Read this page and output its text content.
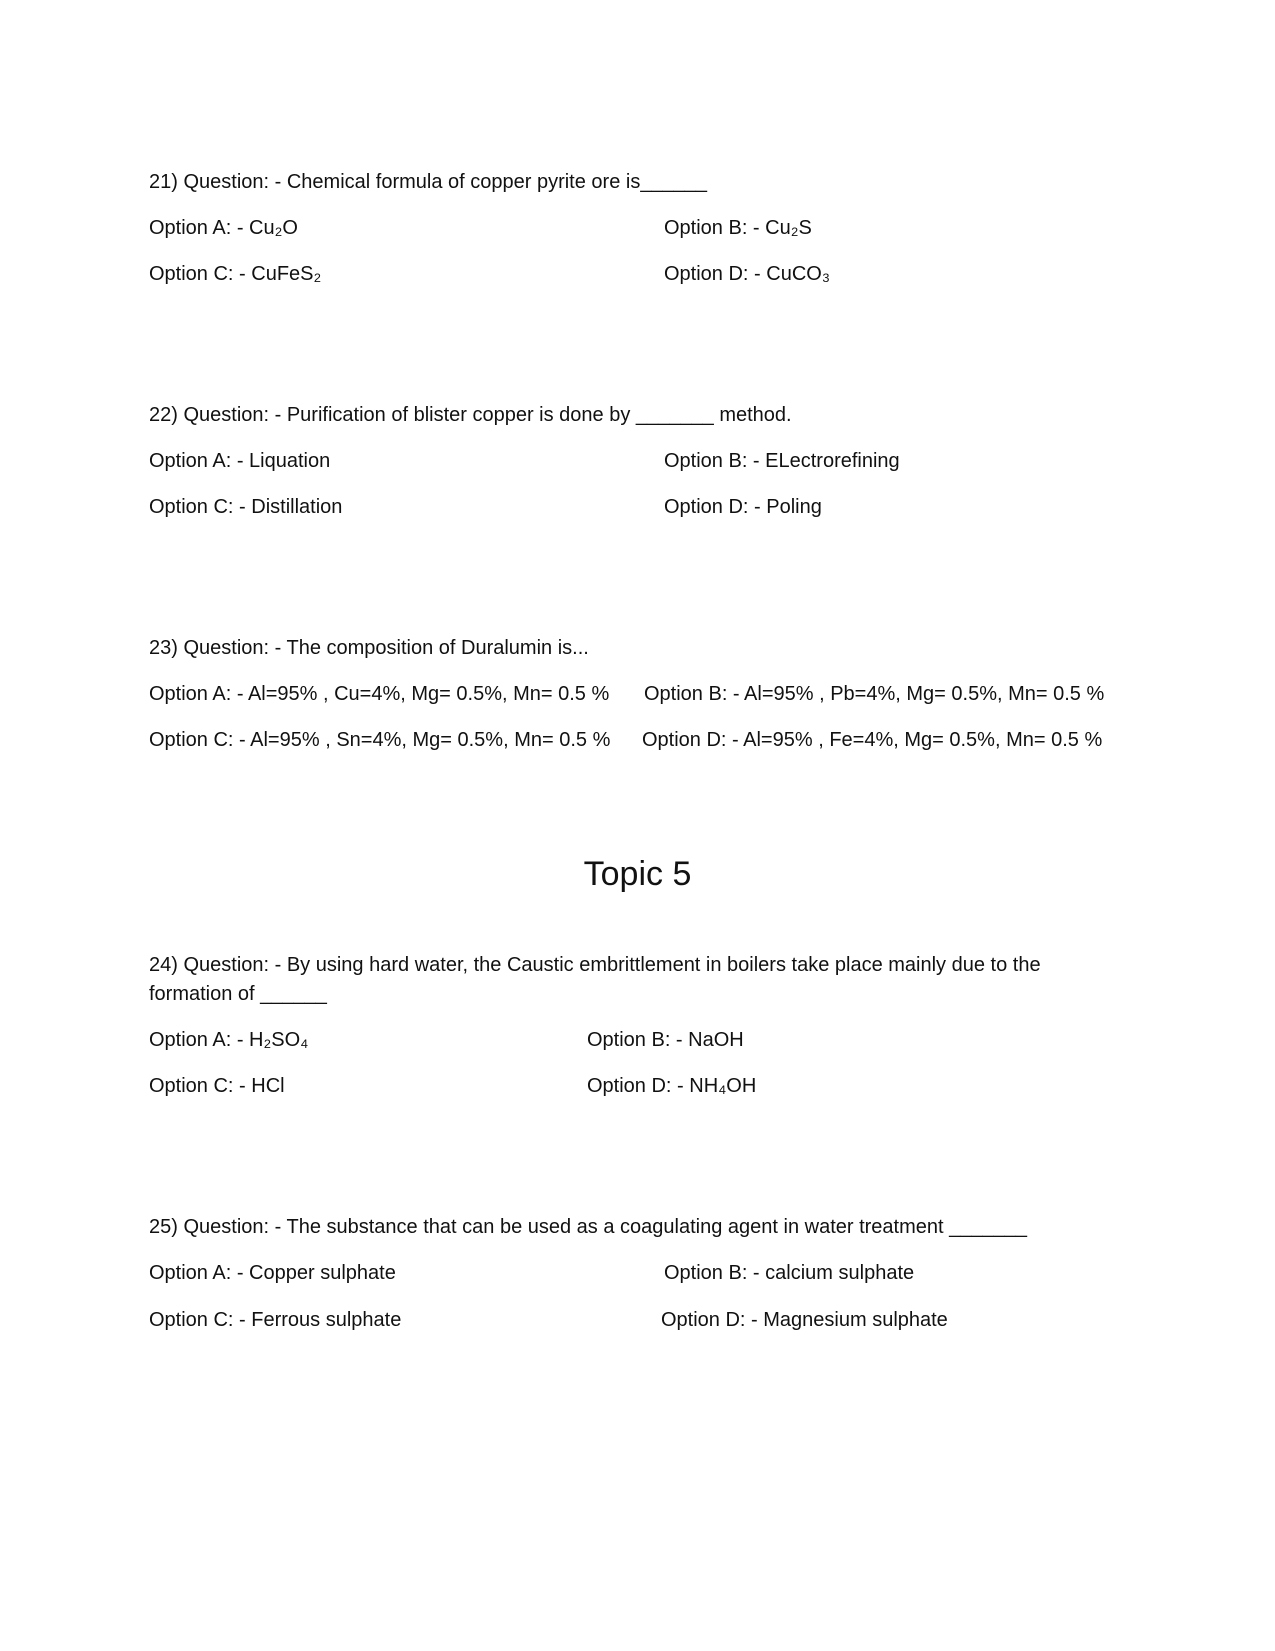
21) Question: - Chemical formula of copper pyrite ore is______
Option A: - Cu₂O	Option B: - Cu₂S
Option C: - CuFeS₂	Option D: - CuCO₃
22) Question: - Purification of blister copper is done by _______ method.
Option A: - Liquation	Option B: - ELectrorefining
Option C: - Distillation	Option D: - Poling
23) Question: - The composition of Duralumin is...
Option A: - Al=95% , Cu=4%, Mg= 0.5%, Mn= 0.5 % Option B: - Al=95% , Pb=4%, Mg= 0.5%, Mn= 0.5 %
Option C: - Al=95% , Sn=4%, Mg= 0.5%, Mn= 0.5 % Option D: - Al=95% , Fe=4%, Mg= 0.5%, Mn= 0.5 %
Topic 5
24) Question: - By using hard water, the Caustic embrittlement in boilers take place mainly due to the
formation of ______
Option A: - H₂SO₄	Option B: - NaOH
Option C: - HCl	Option D: - NH₄OH
25) Question: - The substance that can be used as a coagulating agent in water treatment _______
Option A: - Copper sulphate	Option B: - calcium sulphate
Option C: - Ferrous sulphate	Option D: - Magnesium sulphate
